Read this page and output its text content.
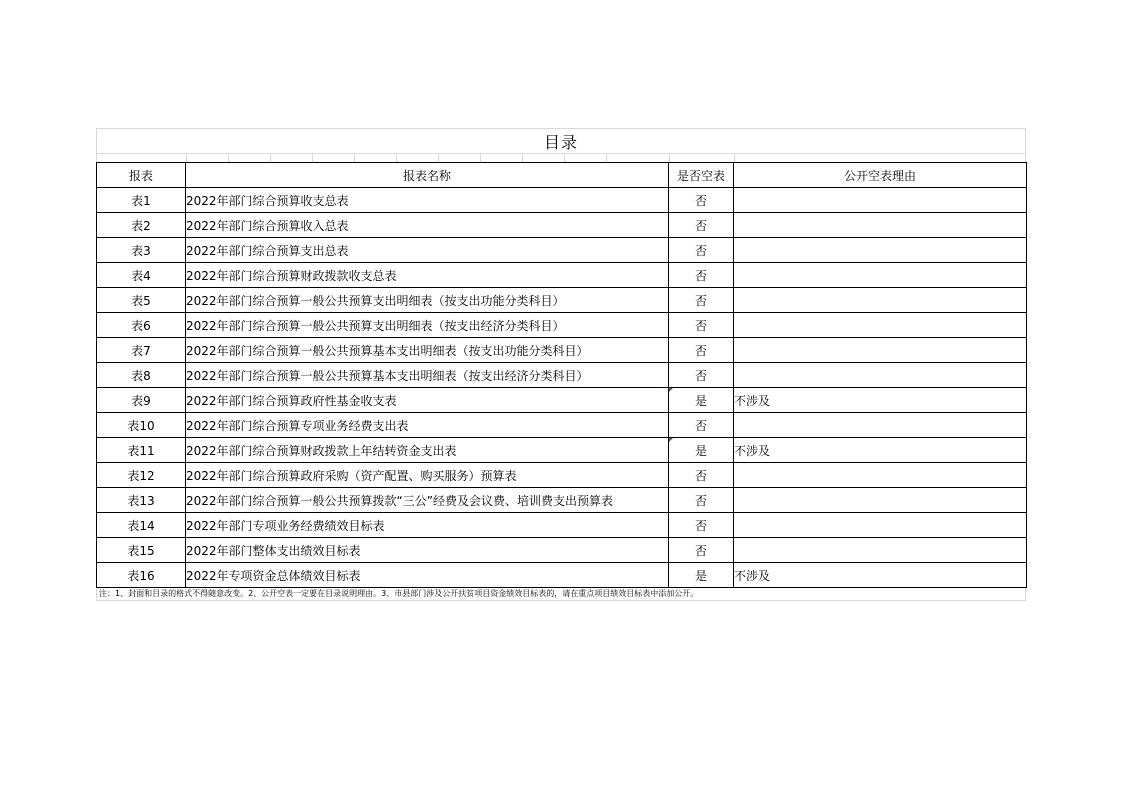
目录
报表	报表名称	是否空表	公开空表理由
表1	2022年部门综合预算收支总表	否	
表2	2022年部门综合预算收入总表	否	
表3	2022年部门综合预算支出总表	否	
表4	2022年部门综合预算财政拨款收支总表	否	
表5	2022年部门综合预算一般公共预算支出明细表（按支出功能分类科目）	否	
表6	2022年部门综合预算一般公共预算支出明细表（按支出经济分类科目）	否	
表7	2022年部门综合预算一般公共预算基本支出明细表（按支出功能分类科目）	否	
表8	2022年部门综合预算一般公共预算基本支出明细表（按支出经济分类科目）	否	
表9	2022年部门综合预算政府性基金收支表	是	不涉及
表10	2022年部门综合预算专项业务经费支出表	否	
表11	2022年部门综合预算财政拨款上年结转资金支出表	是	不涉及
表12	2022年部门综合预算政府采购（资产配置、购买服务）预算表	否	
表13	2022年部门综合预算一般公共预算拨款“三公”经费及会议费、培训费支出预算表	否	
表14	2022年部门专项业务经费绩效目标表	否	
表15	2022年部门整体支出绩效目标表	否	
表16	2022年专项资金总体绩效目标表	是	不涉及
注：1、封面和目录的格式不得随意改变。2、公开空表一定要在目录说明理由。3、市县部门涉及公开扶贫项目资金绩效目标表的，请在重点项目绩效目标表中添加公开。
